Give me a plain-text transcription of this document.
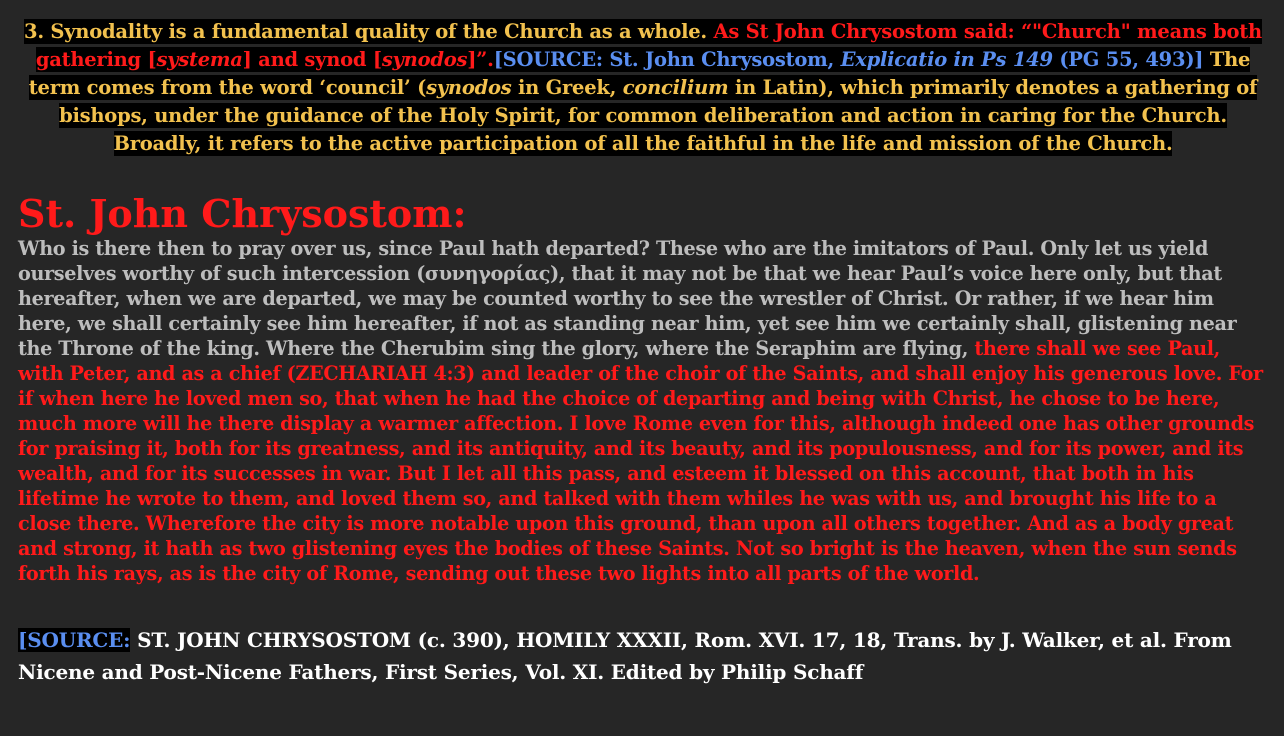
3. Synodality is a fundamental quality of the Church as a whole. As St John Chrysostom said: “"Church" means both gathering [systema] and synod [synodos]”.[SOURCE: St. John Chrysostom, Explicatio in Ps 149 (PG 55, 493)] The term comes from the word ‘council’ (synodos in Greek, concilium in Latin), which primarily denotes a gathering of bishops, under the guidance of the Holy Spirit, for common deliberation and action in caring for the Church. Broadly, it refers to the active participation of all the faithful in the life and mission of the Church.
St. John Chrysostom:
Who is there then to pray over us, since Paul hath departed? These who are the imitators of Paul. Only let us yield ourselves worthy of such intercession (συνηγορίας), that it may not be that we hear Paul’s voice here only, but that hereafter, when we are departed, we may be counted worthy to see the wrestler of Christ. Or rather, if we hear him here, we shall certainly see him hereafter, if not as standing near him, yet see him we certainly shall, glistening near the Throne of the king. Where the Cherubim sing the glory, where the Seraphim are flying, there shall we see Paul, with Peter, and as a chief (ZECHARIAH 4:3) and leader of the choir of the Saints, and shall enjoy his generous love. For if when here he loved men so, that when he had the choice of departing and being with Christ, he chose to be here, much more will he there display a warmer affection. I love Rome even for this, although indeed one has other grounds for praising it, both for its greatness, and its antiquity, and its beauty, and its populousness, and for its power, and its wealth, and for its successes in war. But I let all this pass, and esteem it blessed on this account, that both in his lifetime he wrote to them, and loved them so, and talked with them whiles he was with us, and brought his life to a close there. Wherefore the city is more notable upon this ground, than upon all others together. And as a body great and strong, it hath as two glistening eyes the bodies of these Saints. Not so bright is the heaven, when the sun sends forth his rays, as is the city of Rome, sending out these two lights into all parts of the world.
[SOURCE: ST. JOHN CHRYSOSTOM (c. 390), HOMILY XXXII, Rom. XVI. 17, 18, Trans. by J. Walker, et al. From Nicene and Post-Nicene Fathers, First Series, Vol. XI. Edited by Philip Schaff
